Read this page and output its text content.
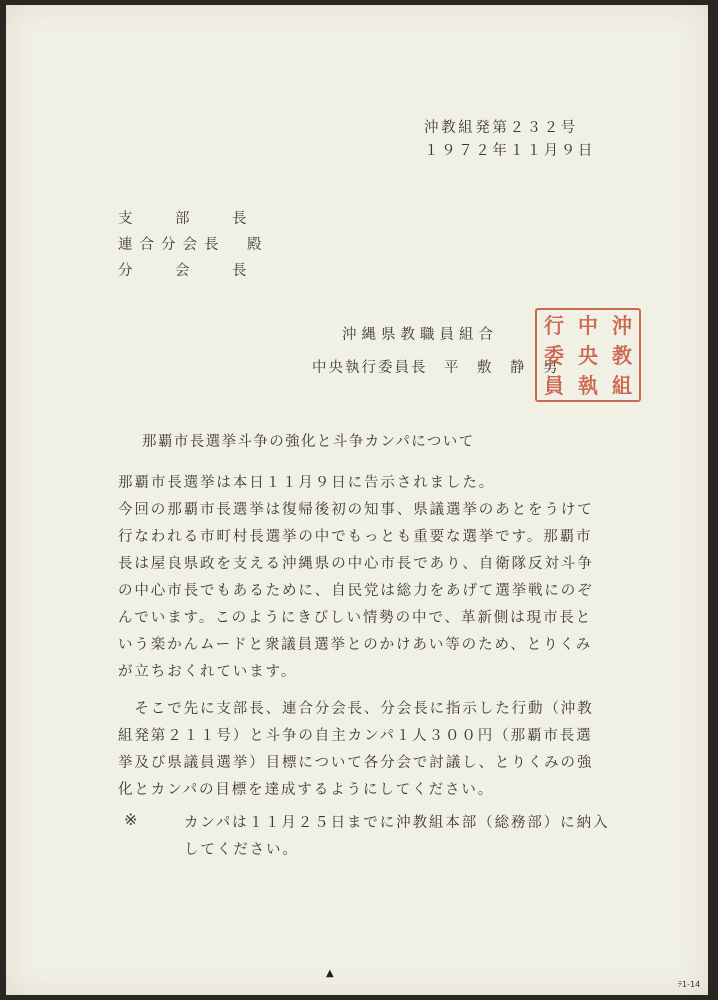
沖教組発第２３２号
１９７２年１１月９日
支　部　長
連合分会長　殿
分　会　長
沖縄県教職員組合
中央執行委員長　平　敷　静　男
沖
教
組
中
央
執
行
委
員
那覇市長選挙斗争の強化と斗争カンパについて
那覇市長選挙は本日１１月９日に告示されました。
今回の那覇市長選挙は復帰後初の知事、県議選挙のあとをうけて
行なわれる市町村長選挙の中でもっとも重要な選挙です。那覇市
長は屋良県政を支える沖縄県の中心市長であり、自衛隊反対斗争
の中心市長でもあるために、自民党は総力をあげて選挙戦にのぞ
んでいます。このようにきびしい情勢の中で、革新側は現市長と
いう楽かんムードと衆議員選挙とのかけあい等のため、とりくみ
が立ちおくれています。
　そこで先に支部長、連合分会長、分会長に指示した行動（沖教
組発第２１１号）と斗争の自主カンパ１人３００円（那覇市長選
挙及び県議員選挙）目標について各分会で討議し、とりくみの強
化とカンパの目標を達成するようにしてください。
※	カンパは１１月２５日までに沖教組本部（総務部）に納入
してください。
▲
ﾃ1-14
